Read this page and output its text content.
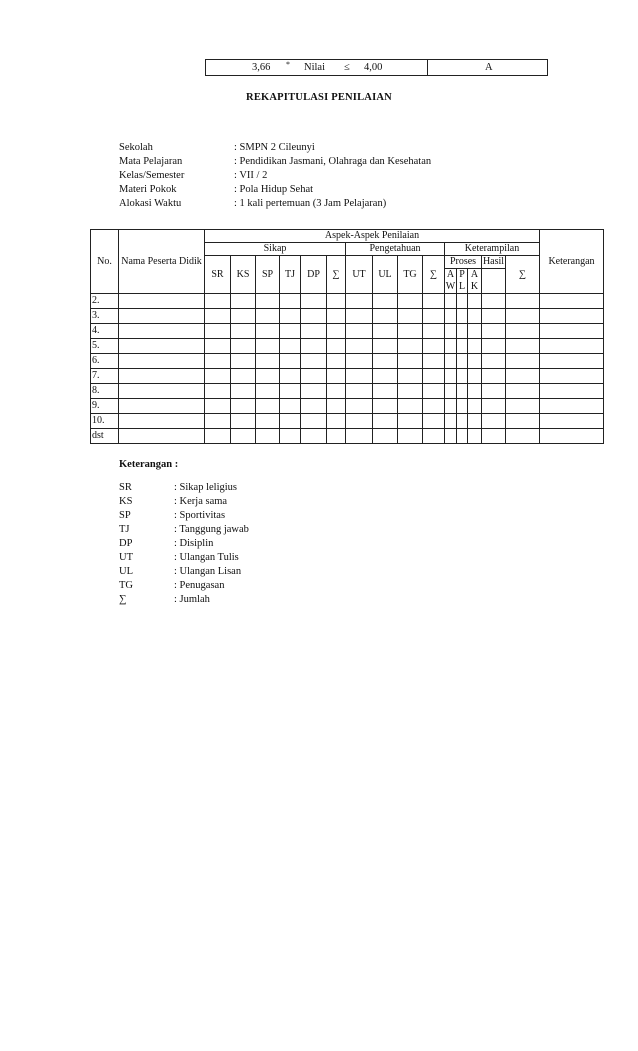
3,66 * Nilai ≤ 4,00	A
REKAPITULASI PENILAIAN
Sekolah	: SMPN 2 Cileunyi
Mata Pelajaran	: Pendidikan Jasmani, Olahraga dan Kesehatan
Kelas/Semester	: VII / 2
Materi Pokok	: Pola Hidup Sehat
Alokasi Waktu	: 1 kali pertemuan (3 Jam Pelajaran)
No.	Nama Peserta Didik	Aspek-Aspek Penilaian															Keterangan
		Sikap						Pengetahuan				Keterampilan					
		SR	KS	SP	TJ	DP	∑	UT	UL	TG	∑	Proses			Hasil	∑	
												AW	PL	AK			
2.																	
3.																	
4.																	
5.																	
6.																	
7.																	
8.																	
9.																	
10.																	
dst																	
Keterangan :
SR	: Sikap leligius
KS	: Kerja sama
SP	: Sportivitas
TJ	: Tanggung jawab
DP	: Disiplin
UT	: Ulangan Tulis
UL	: Ulangan Lisan
TG	: Penugasan
∑	: Jumlah
